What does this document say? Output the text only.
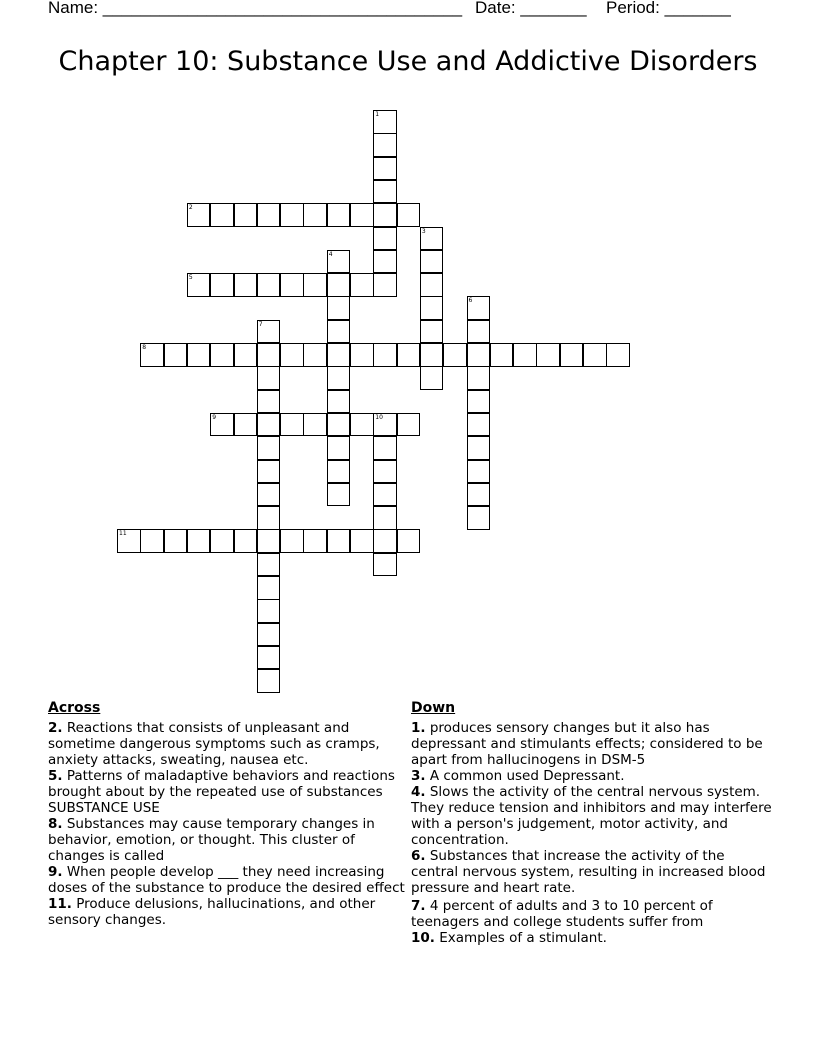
Name: ______________________________________ Date: _______ Period: _______
Chapter 10: Substance Use and Addictive Disorders
1
2
3
4
5
6
7
8
9	10
11
Across

2. Reactions that consists of unpleasant and sometime dangerous symptoms such as cramps, anxiety attacks, sweating, nausea etc.

5. Patterns of maladaptive behaviors and reactions brought about by the repeated use of substances SUBSTANCE USE

8. Substances may cause temporary changes in behavior, emotion, or thought. This cluster of changes is called

9. When people develop ___ they need increasing doses of the substance to produce the desired effect

11. Produce delusions, hallucinations, and other sensory changes.

Down

1. produces sensory changes but it also has depressant and stimulants effects; considered to be apart from hallucinogens in DSM-5

3. A common used Depressant.

4. Slows the activity of the central nervous system. They reduce tension and inhibitors and may interfere with a person's judgement, motor activity, and concentration.

6. Substances that increase the activity of the central nervous system, resulting in increased blood pressure and heart rate.

7. 4 percent of adults and 3 to 10 percent of teenagers and college students suffer from

10. Examples of a stimulant.
